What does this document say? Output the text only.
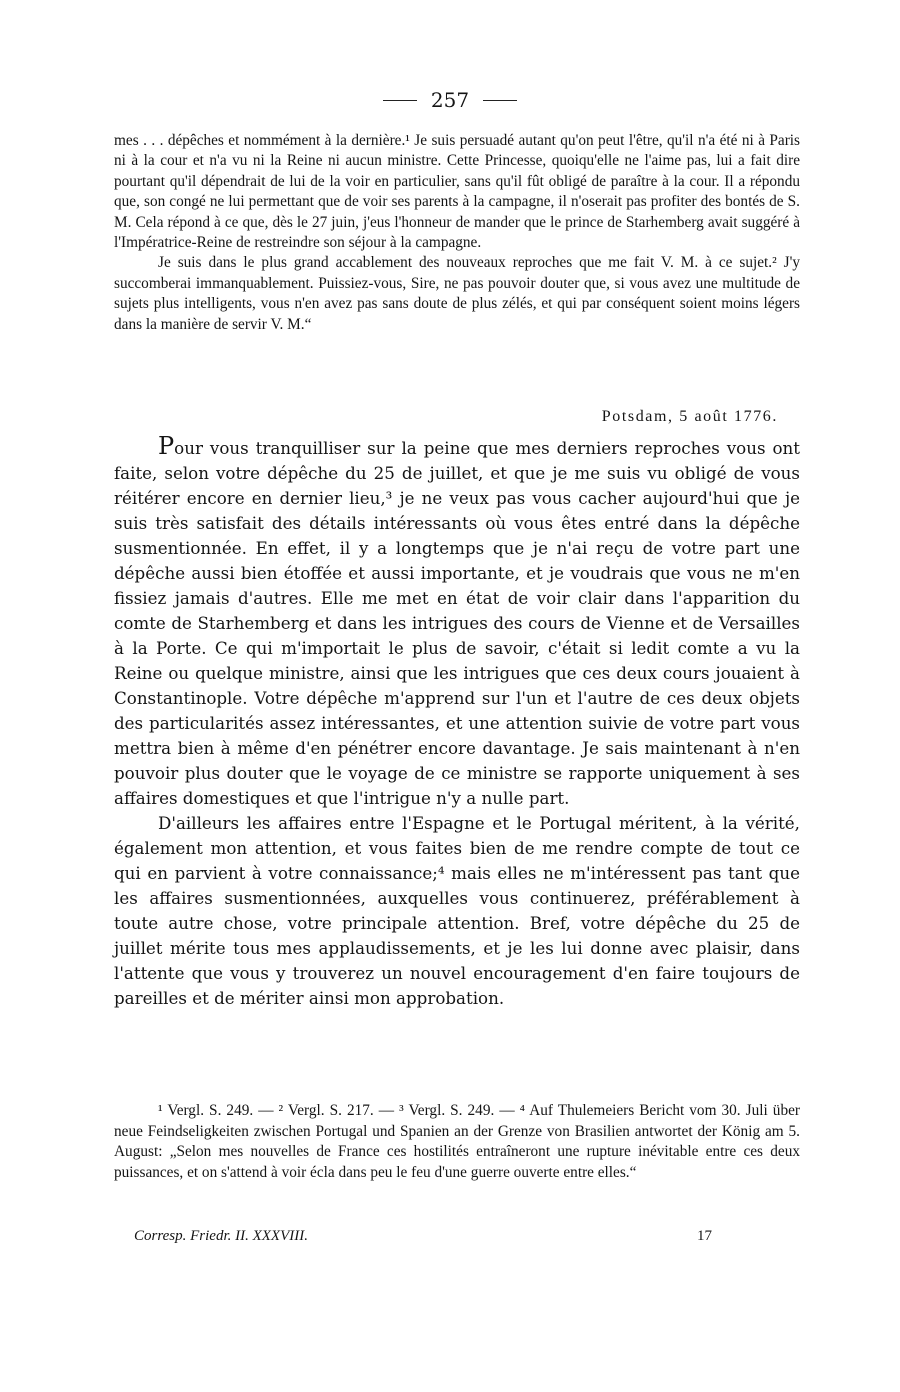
257

mes . . . dépêches et nommément à la dernière.¹ Je suis persuadé autant qu'on peut l'être, qu'il n'a été ni à Paris ni à la cour et n'a vu ni la Reine ni aucun ministre. Cette Princesse, quoiqu'elle ne l'aime pas, lui a fait dire pourtant qu'il dépendrait de lui de la voir en particulier, sans qu'il fût obligé de paraître à la cour. Il a répondu que, son congé ne lui permettant que de voir ses parents à la campagne, il n'oserait pas profiter des bontés de S. M. Cela répond à ce que, dès le 27 juin, j'eus l'honneur de mander que le prince de Starhemberg avait suggéré à l'Impératrice-Reine de restreindre son séjour à la campagne.

Je suis dans le plus grand accablement des nouveaux reproches que me fait V. M. à ce sujet.² J'y succomberai immanquablement. Puissiez-vous, Sire, ne pas pouvoir douter que, si vous avez une multitude de sujets plus intelligents, vous n'en avez pas sans doute de plus zélés, et qui par conséquent soient moins légers dans la manière de servir V. M.“

Potsdam, 5 août 1776.

Pour vous tranquilliser sur la peine que mes derniers reproches vous ont faite, selon votre dépêche du 25 de juillet, et que je me suis vu obligé de vous réitérer encore en dernier lieu,³ je ne veux pas vous cacher aujourd'hui que je suis très satisfait des détails intéressants où vous êtes entré dans la dépêche susmentionnée. En effet, il y a longtemps que je n'ai reçu de votre part une dépêche aussi bien étoffée et aussi importante, et je voudrais que vous ne m'en fissiez jamais d'autres. Elle me met en état de voir clair dans l'apparition du comte de Starhemberg et dans les intrigues des cours de Vienne et de Versailles à la Porte. Ce qui m'importait le plus de savoir, c'était si ledit comte a vu la Reine ou quelque ministre, ainsi que les intrigues que ces deux cours jouaient à Constantinople. Votre dépêche m'apprend sur l'un et l'autre de ces deux objets des particularités assez intéressantes, et une attention suivie de votre part vous mettra bien à même d'en pénétrer encore davantage. Je sais maintenant à n'en pouvoir plus douter que le voyage de ce ministre se rapporte uniquement à ses affaires domestiques et que l'intrigue n'y a nulle part.

D'ailleurs les affaires entre l'Espagne et le Portugal méritent, à la vérité, également mon attention, et vous faites bien de me rendre compte de tout ce qui en parvient à votre connaissance;⁴ mais elles ne m'intéressent pas tant que les affaires susmentionnées, auxquelles vous continuerez, préférablement à toute autre chose, votre principale attention. Bref, votre dépêche du 25 de juillet mérite tous mes applaudissements, et je les lui donne avec plaisir, dans l'attente que vous y trouverez un nouvel encouragement d'en faire toujours de pareilles et de mériter ainsi mon approbation.

¹ Vergl. S. 249. — ² Vergl. S. 217. — ³ Vergl. S. 249. — ⁴ Auf Thulemeiers Bericht vom 30. Juli über neue Feindseligkeiten zwischen Portugal und Spanien an der Grenze von Brasilien antwortet der König am 5. August: „Selon mes nouvelles de France ces hostilités entraîneront une rupture inévitable entre ces deux puissances, et on s'attend à voir écla dans peu le feu d'une guerre ouverte entre elles.“

Corresp. Friedr. II. XXXVIII.	17
